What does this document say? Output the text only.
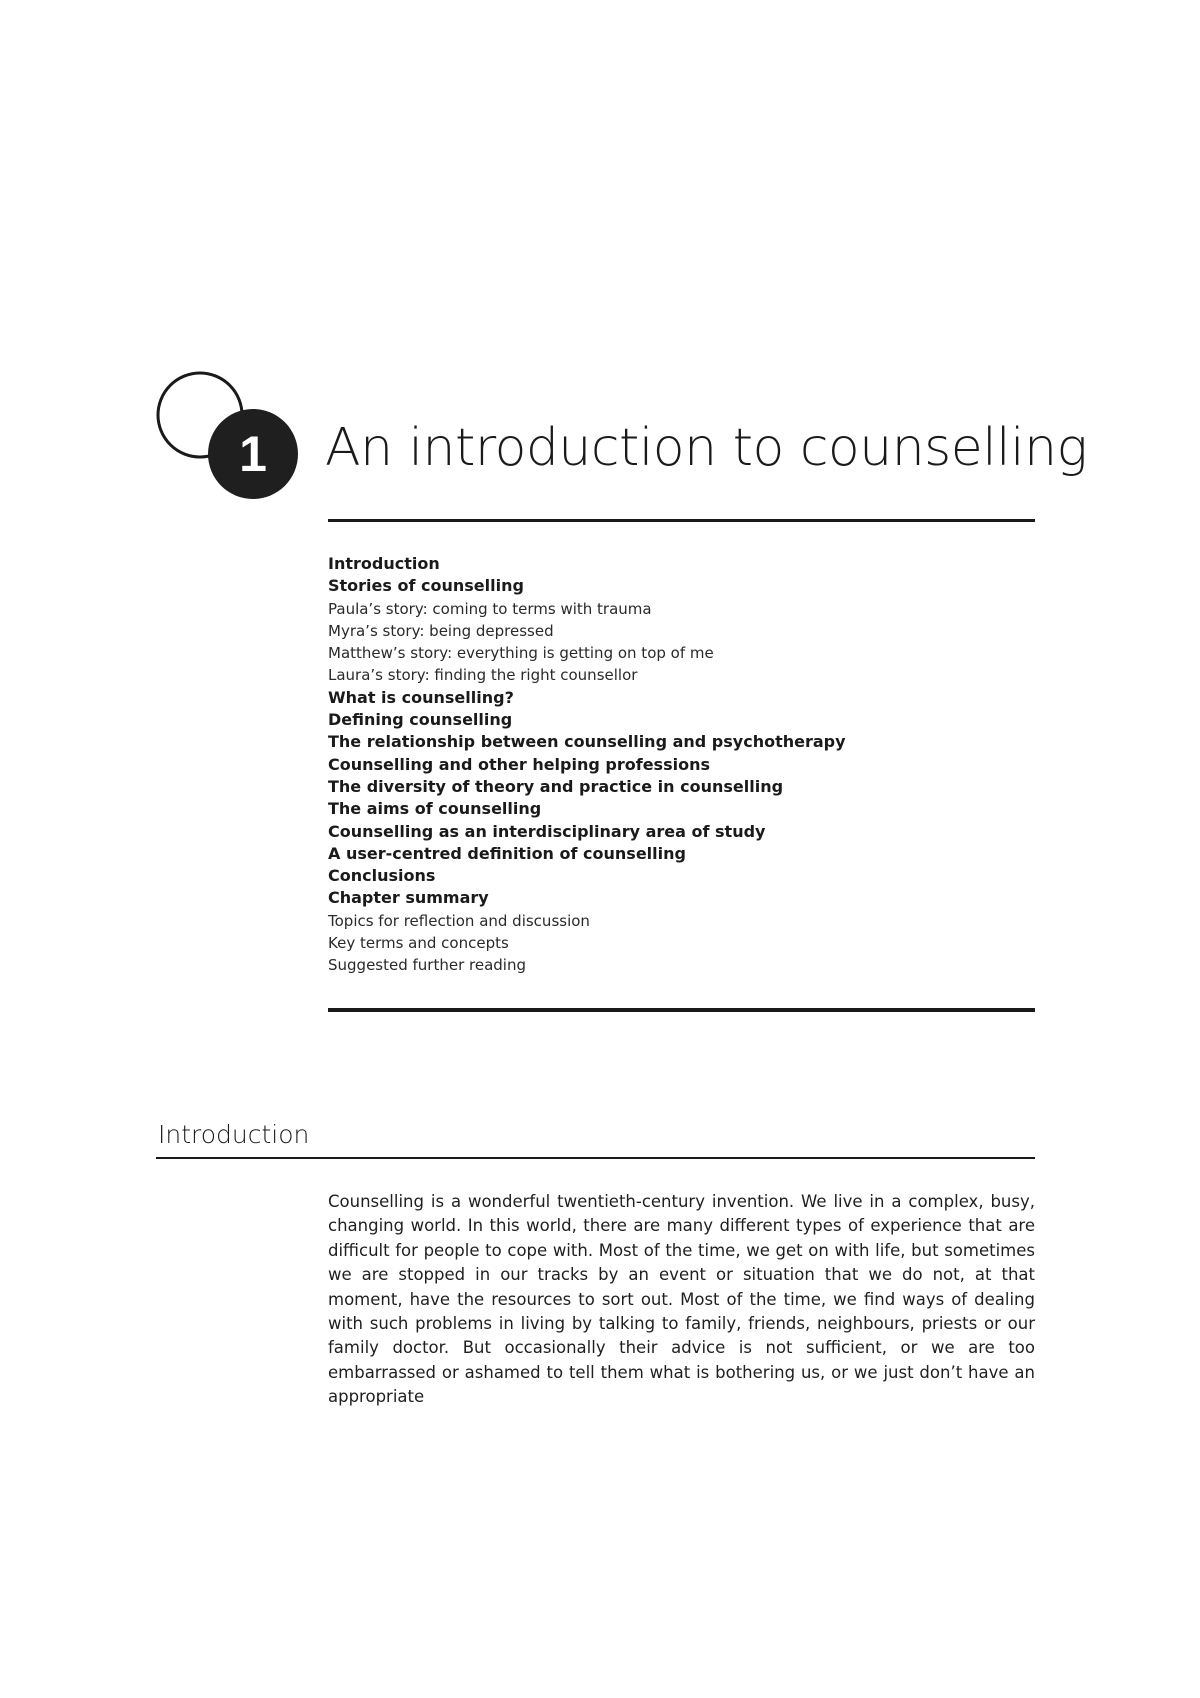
1 An introduction to counselling
Introduction
Stories of counselling
Paula’s story: coming to terms with trauma
Myra’s story: being depressed
Matthew’s story: everything is getting on top of me
Laura’s story: finding the right counsellor
What is counselling?
Defining counselling
The relationship between counselling and psychotherapy
Counselling and other helping professions
The diversity of theory and practice in counselling
The aims of counselling
Counselling as an interdisciplinary area of study
A user-centred definition of counselling
Conclusions
Chapter summary
Topics for reflection and discussion
Key terms and concepts
Suggested further reading
Introduction

Counselling is a wonderful twentieth-century invention. We live in a complex, busy, changing world. In this world, there are many different types of experience that are difficult for people to cope with. Most of the time, we get on with life, but sometimes we are stopped in our tracks by an event or situation that we do not, at that moment, have the resources to sort out. Most of the time, we find ways of dealing with such problems in living by talking to family, friends, neighbours, priests or our family doctor. But occasionally their advice is not sufficient, or we are too embarrassed or ashamed to tell them what is bothering us, or we just don’t have an appropriate
